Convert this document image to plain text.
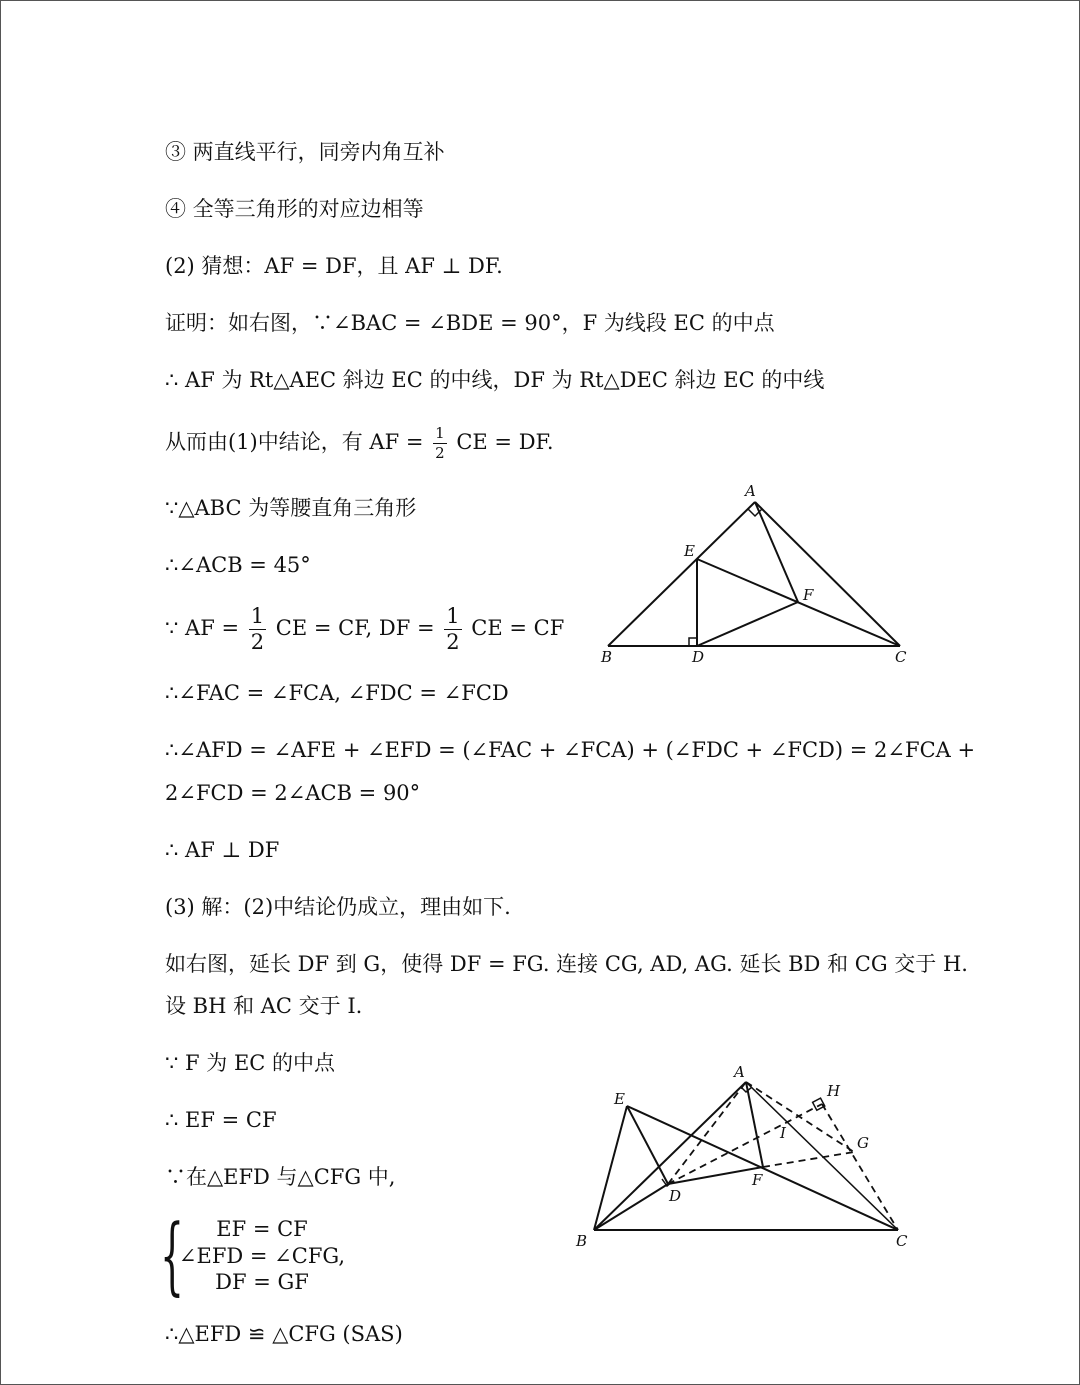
③ 两直线平行，同旁内角互补
④ 全等三角形的对应边相等
(2) 猜想：AF = DF，且 AF ⊥ DF.
证明：如右图，∵∠BAC = ∠BDE = 90°，F 为线段 EC 的中点
∴ AF 为 Rt△AEC 斜边 EC 的中线，DF 为 Rt△DEC 斜边 EC 的中线
从而由(1)中结论，有 AF = $\frac{1}{2}$ CE = DF.
∵△ABC 为等腰直角三角形
∴∠ACB = 45°
∵ AF = $\frac{1}{2}$ CE = CF, DF = $\frac{1}{2}$ CE = CF
∴∠FAC = ∠FCA, ∠FDC = ∠FCD
∴∠AFD = ∠AFE + ∠EFD = (∠FAC + ∠FCA) + (∠FDC + ∠FCD) = 2∠FCA +
2∠FCD = 2∠ACB = 90°
∴ AF ⊥ DF
(3) 解：(2)中结论仍成立，理由如下.
如右图，延长 DF 到 G，使得 DF = FG. 连接 CG, AD, AG. 延长 BD 和 CG 交于 H.
设 BH 和 AC 交于 I.
∵ F 为 EC 的中点
∴ EF = CF
∵在△EFD 与△CFG 中,
{	EF = CF
∠EFD = ∠CFG,
DF = GF
∴△EFD ≌ △CFG (SAS)
A
B	C
D
E
F
A
B	C
D
E
F
G
H
I
